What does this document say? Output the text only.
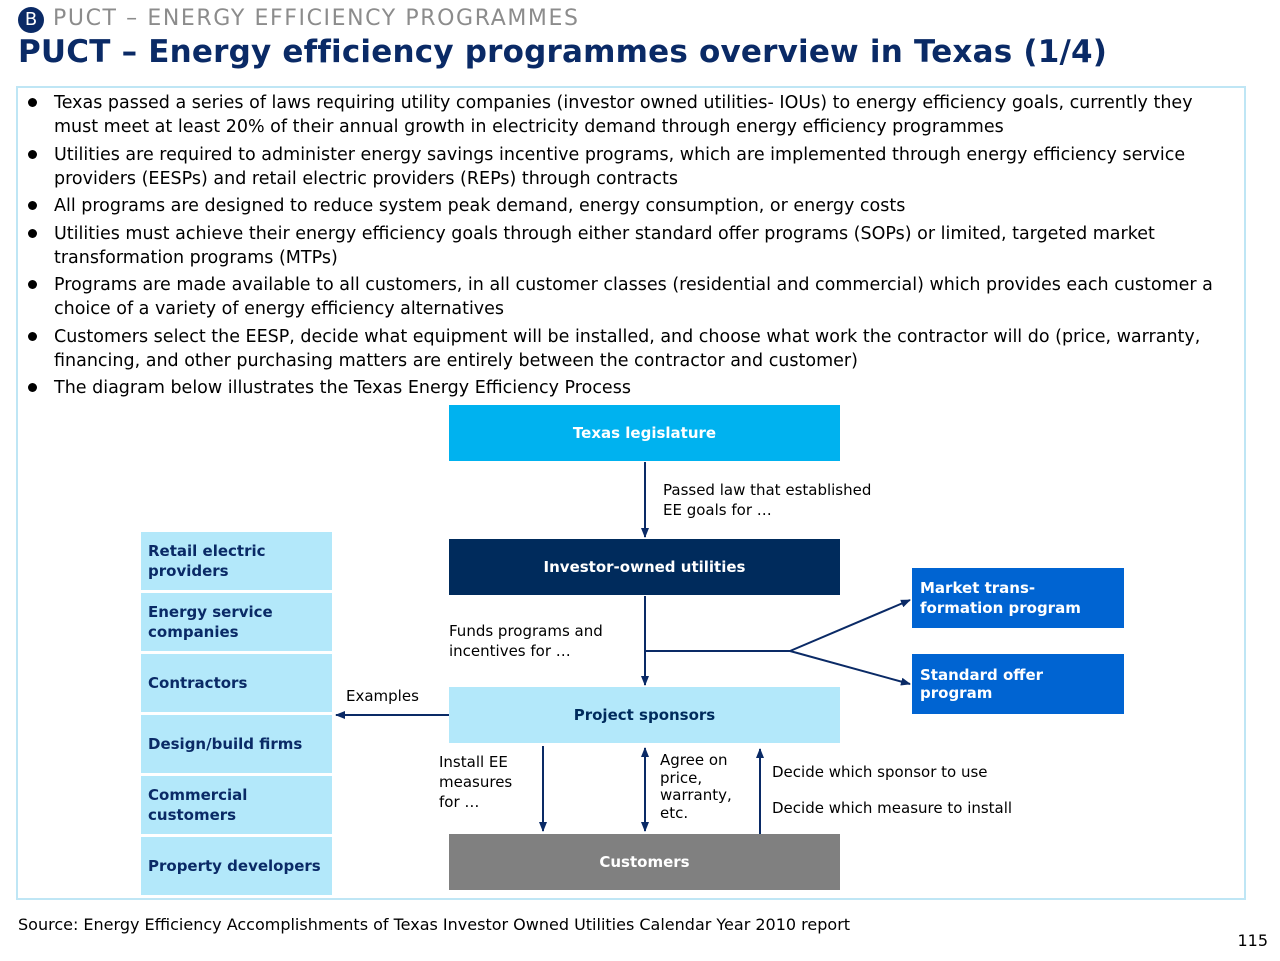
B PUCT – ENERGY EFFICIENCY PROGRAMMES
PUCT – Energy efficiency programmes overview in Texas (1/4)
Texas passed a series of laws requiring utility companies (investor owned utilities- IOUs) to energy efficiency goals, currently they must meet at least 20% of their annual growth in electricity demand through energy efficiency programmes
Utilities are required to administer energy savings incentive programs, which are implemented through energy efficiency service providers (EESPs) and retail electric providers (REPs) through contracts
All programs are designed to reduce system peak demand, energy consumption, or energy costs
Utilities must achieve their energy efficiency goals through either standard offer programs (SOPs) or limited, targeted market transformation programs (MTPs)
Programs are made available to all customers, in all customer classes (residential and commercial) which provides each customer a choice of a variety of energy efficiency alternatives
Customers select the EESP, decide what equipment will be installed, and choose what work the contractor will do (price, warranty, financing, and other purchasing matters are entirely between the contractor and customer)
The diagram below illustrates the Texas Energy Efficiency Process
Texas legislature
Investor-owned utilities
Project sponsors
Customers
Market trans-formation program
Standard offer program
Retail electric providers
Energy service companies
Contractors
Design/build firms
Commercial customers
Property developers
Passed law that established EE goals for …
Funds programs and incentives for …
Examples
Install EE measures for …
Agree on price, warranty, etc.
Decide which sponsor to use
Decide which measure to install
Source: Energy Efficiency Accomplishments of Texas Investor Owned Utilities Calendar Year 2010 report
115
